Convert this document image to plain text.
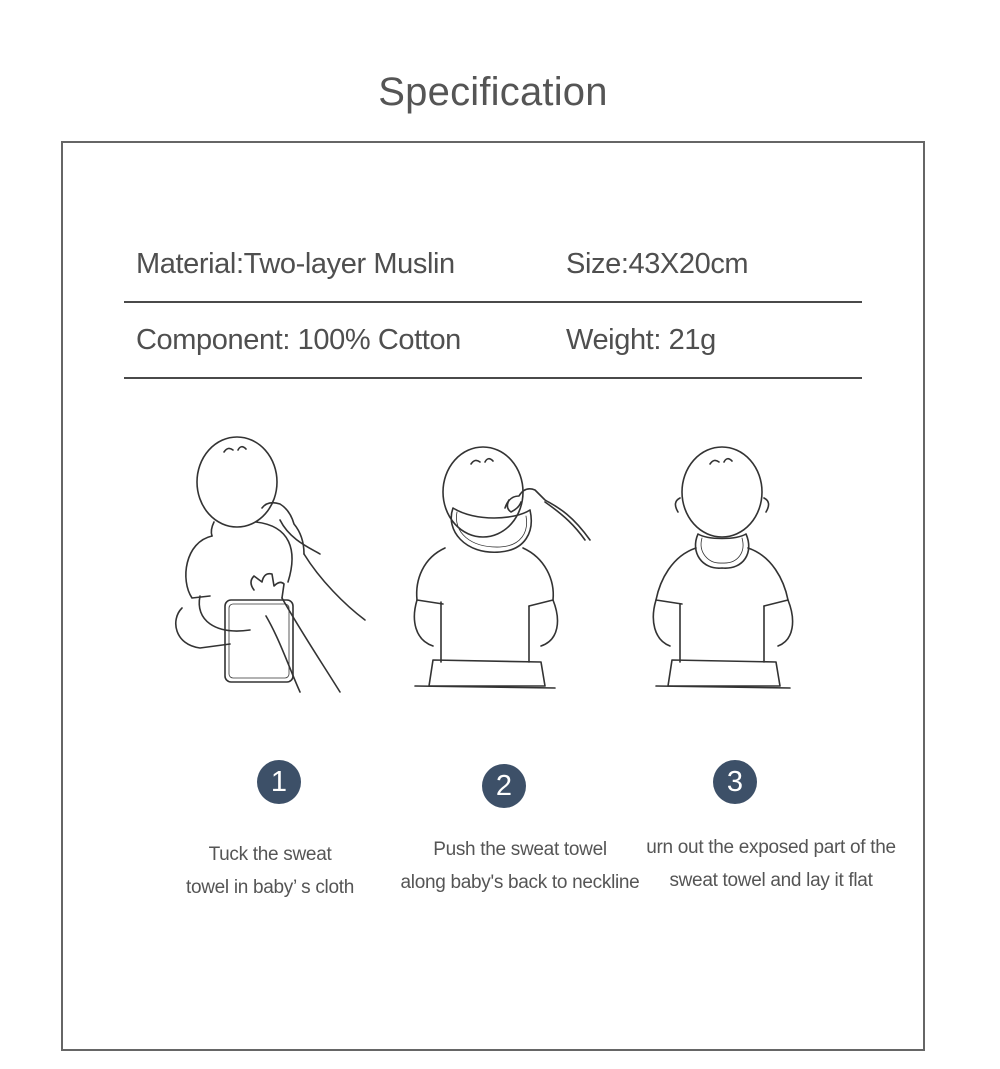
Specification
Material:Two-layer Muslin	Size:43X20cm
Component: 100% Cotton	Weight: 21g
1	2	3
Tuck the sweat
towel in baby’ s cloth
Push the sweat towel
along baby's back to neckline
urn out the exposed part of the
sweat towel and lay it flat
